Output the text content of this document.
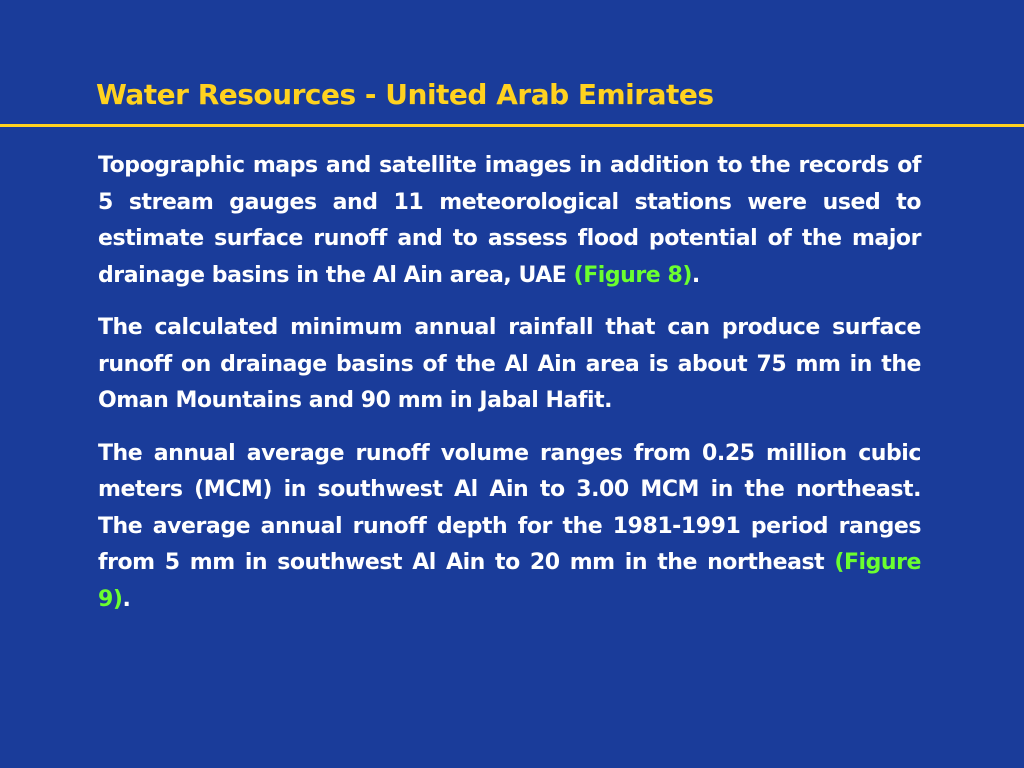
Water Resources - United Arab Emirates

Topographic maps and satellite images in addition to the records of 5 stream gauges and 11 meteorological stations were used to estimate surface runoff and to assess flood potential of the major drainage basins in the Al Ain area, UAE (Figure 8).

The calculated minimum annual rainfall that can produce surface runoff on drainage basins of the Al Ain area is about 75 mm in the Oman Mountains and 90 mm in Jabal Hafit.

The annual average runoff volume ranges from 0.25 million cubic meters (MCM) in southwest Al Ain to 3.00 MCM in the northeast. The average annual runoff depth for the 1981-1991 period ranges from 5 mm in southwest Al Ain to 20 mm in the northeast (Figure 9).
